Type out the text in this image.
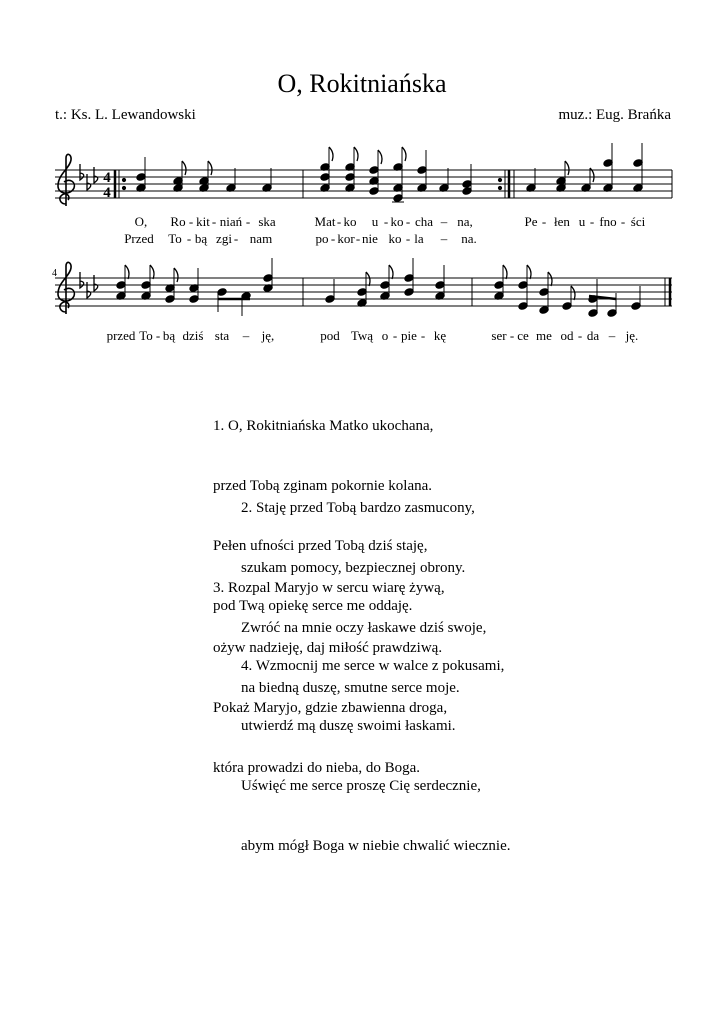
O, Rokitniańska
t.: Ks. L. Lewandowski	muz.: Eug. Brańka
4
4
O, Ro - kit - niań - ska	Mat - ko u - ko - cha – na,	Pe - łen u - fno - ści
Przed To - bą zgi - nam	po - kor - nie ko - la – na.
4
przed To - bą dziś sta – ję,	pod Twą o - pie - kę	ser - ce me od - da – ję.

1. O, Rokitniańska Matko ukochana,

przed Tobą zginam pokornie kolana.

Pełen ufności przed Tobą dziś staję,

pod Twą opiekę serce me oddaję.

2. Staję przed Tobą bardzo zasmucony,

szukam pomocy, bezpiecznej obrony.

Zwróć na mnie oczy łaskawe dziś swoje,

na biedną duszę, smutne serce moje.

3. Rozpal Maryjo w sercu wiarę żywą,

ożyw nadzieję, daj miłość prawdziwą.

Pokaż Maryjo, gdzie zbawienna droga,

która prowadzi do nieba, do Boga.

4. Wzmocnij me serce w walce z pokusami,

utwierdź mą duszę swoimi łaskami.

Uświęć me serce proszę Cię serdecznie,

abym mógł Boga w niebie chwalić wiecznie.
